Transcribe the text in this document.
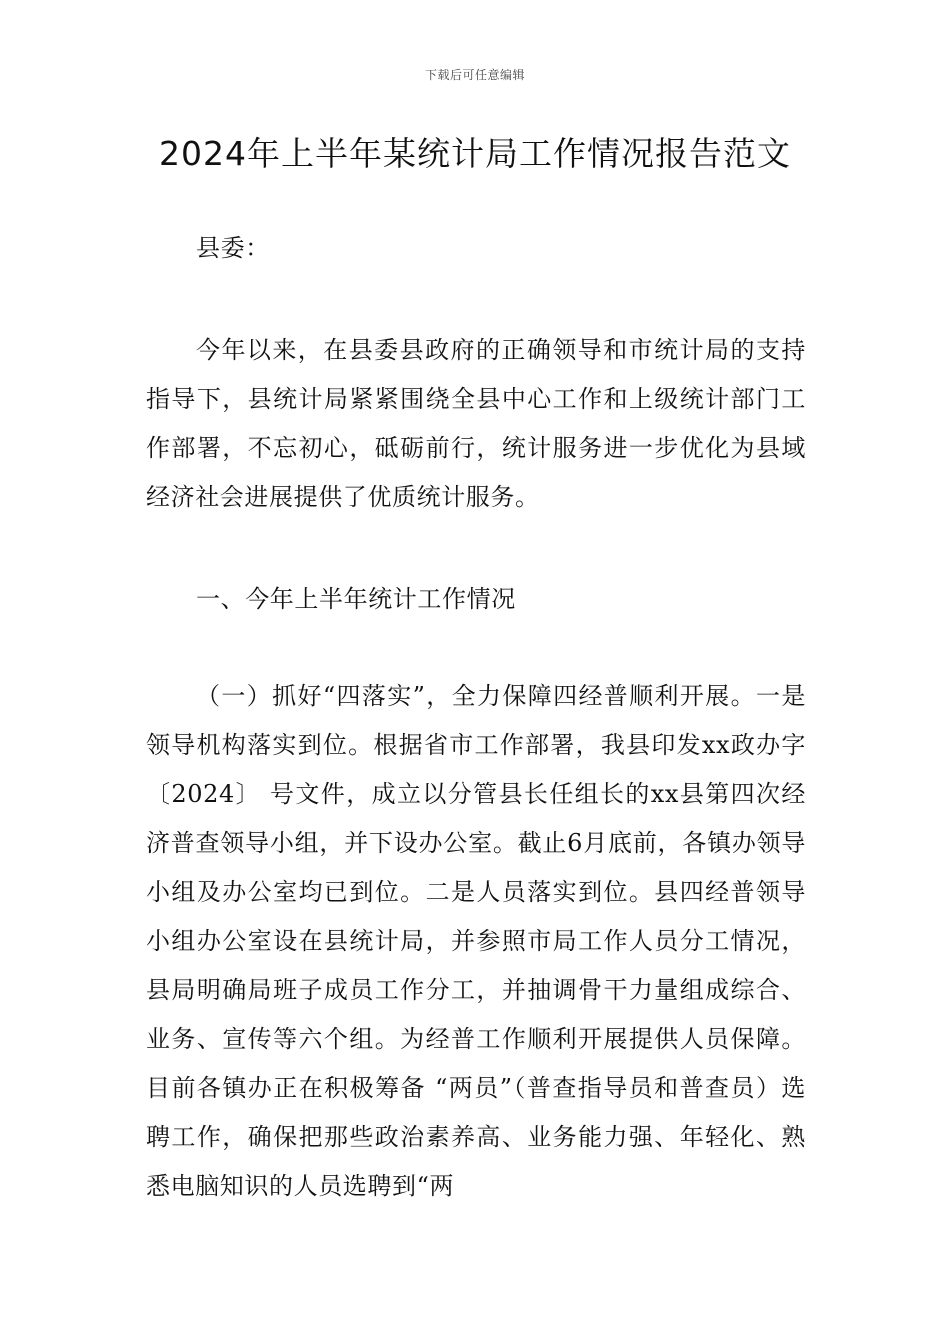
下载后可任意编辑
2024年上半年某统计局工作情况报告范文
县委：
今年以来，在县委县政府的正确领导和市统计局的支持指导下，县统计局紧紧围绕全县中心工作和上级统计部门工作部署，不忘初心，砥砺前行，统计服务进一步优化为县域经济社会进展提供了优质统计服务。
一、今年上半年统计工作情况
（一）抓好“四落实”，全力保障四经普顺利开展。一是领导机构落实到位。根据省市工作部署，我县印发xx政办字〔2024〕 号文件，成立以分管县长任组长的xx县第四次经济普查领导小组，并下设办公室。截止6月底前，各镇办领导小组及办公室均已到位。二是人员落实到位。县四经普领导小组办公室设在县统计局，并参照市局工作人员分工情况，县局明确局班子成员工作分工，并抽调骨干力量组成综合、业务、宣传等六个组。为经普工作顺利开展提供人员保障。目前各镇办正在积极筹备 “两员”（普查指导员和普查员）选聘工作，确保把那些政治素养高、业务能力强、年轻化、熟悉电脑知识的人员选聘到“两
